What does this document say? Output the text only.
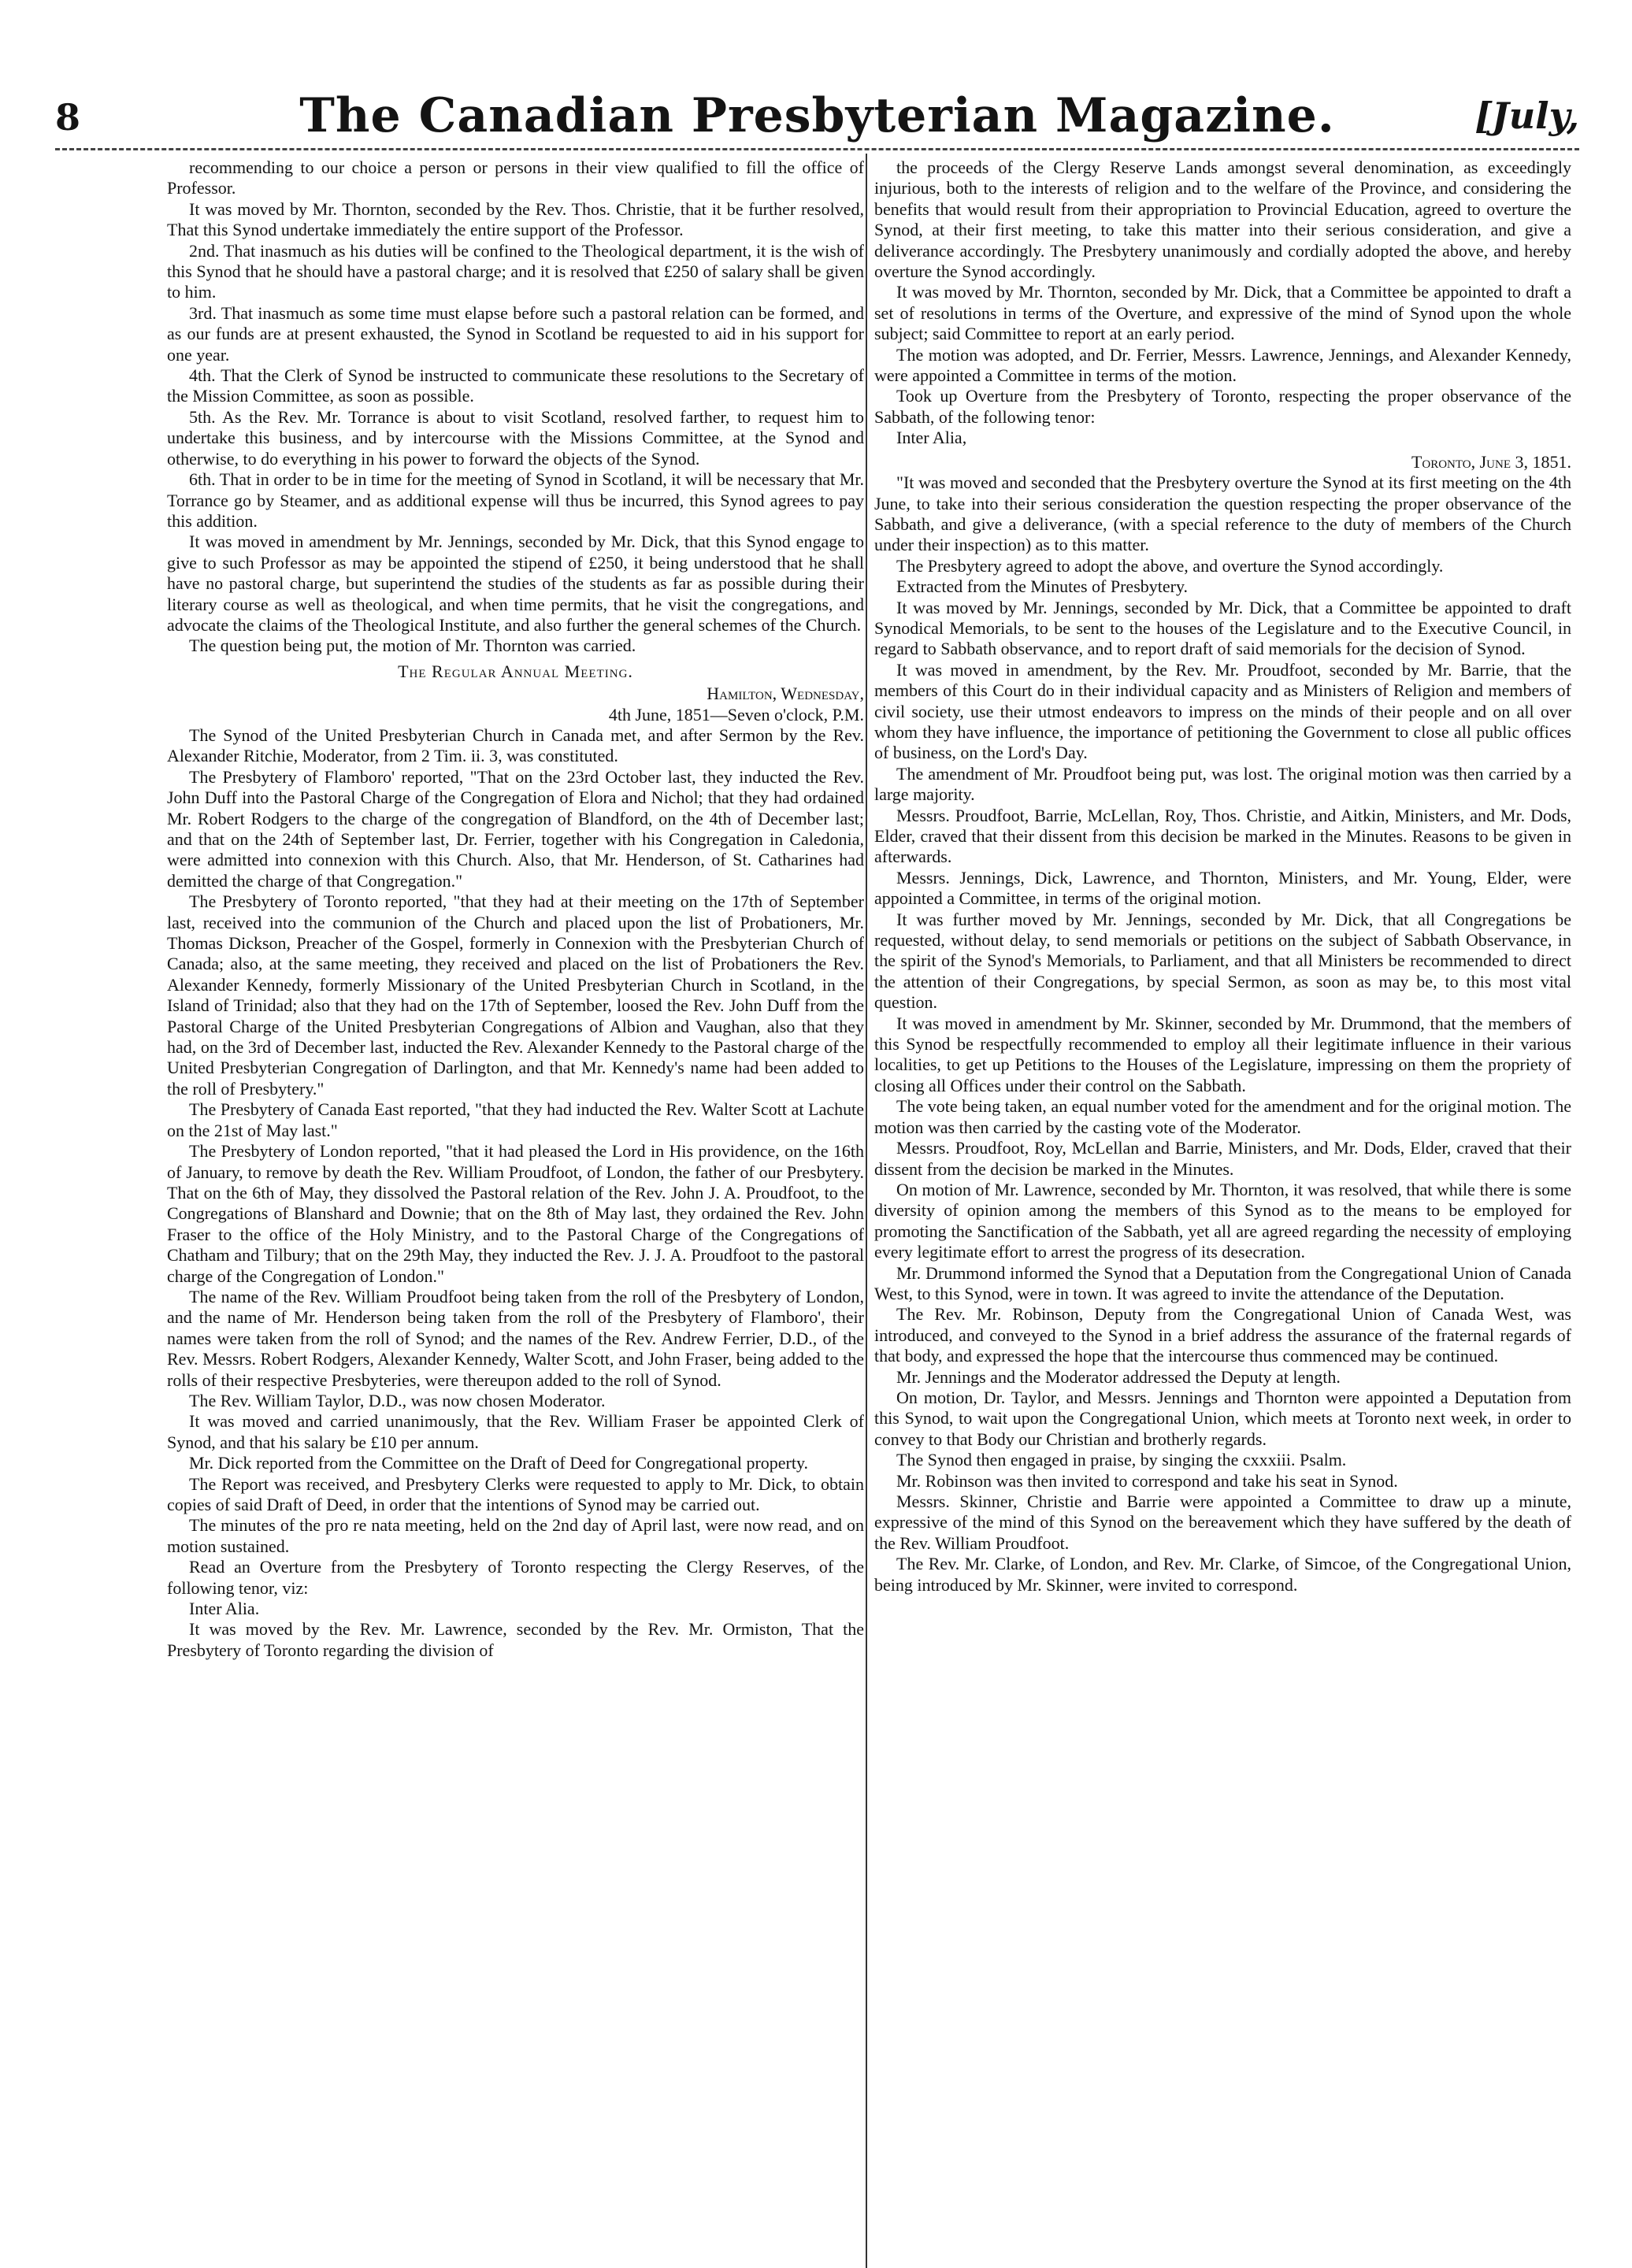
8	The Canadian Presbyterian Magazine.	[July,

recommending to our choice a person or persons in their view qualified to fill the office of Professor.

It was moved by Mr. Thornton, seconded by the Rev. Thos. Christie, that it be further resolved, That this Synod undertake immediately the entire support of the Professor.

2nd. That inasmuch as his duties will be confined to the Theological department, it is the wish of this Synod that he should have a pastoral charge; and it is resolved that £250 of salary shall be given to him.

3rd. That inasmuch as some time must elapse before such a pastoral relation can be formed, and as our funds are at present exhausted, the Synod in Scotland be requested to aid in his support for one year.

4th. That the Clerk of Synod be instructed to communicate these resolutions to the Secretary of the Mission Committee, as soon as possible.

5th. As the Rev. Mr. Torrance is about to visit Scotland, resolved farther, to request him to undertake this business, and by intercourse with the Missions Committee, at the Synod and otherwise, to do everything in his power to forward the objects of the Synod.

6th. That in order to be in time for the meeting of Synod in Scotland, it will be necessary that Mr. Torrance go by Steamer, and as additional expense will thus be incurred, this Synod agrees to pay this addition.

It was moved in amendment by Mr. Jennings, seconded by Mr. Dick, that this Synod engage to give to such Professor as may be appointed the stipend of £250, it being understood that he shall have no pastoral charge, but superintend the studies of the students as far as possible during their literary course as well as theological, and when time permits, that he visit the congregations, and advocate the claims of the Theological Institute, and also further the general schemes of the Church.

The question being put, the motion of Mr. Thornton was carried.

The Regular Annual Meeting.

Hamilton, Wednesday,

4th June, 1851—Seven o'clock, P.M.

The Synod of the United Presbyterian Church in Canada met, and after Sermon by the Rev. Alexander Ritchie, Moderator, from 2 Tim. ii. 3, was constituted.

The Presbytery of Flamboro' reported, "That on the 23rd October last, they inducted the Rev. John Duff into the Pastoral Charge of the Congregation of Elora and Nichol; that they had ordained Mr. Robert Rodgers to the charge of the congregation of Blandford, on the 4th of December last; and that on the 24th of September last, Dr. Ferrier, together with his Congregation in Caledonia, were admitted into connexion with this Church. Also, that Mr. Henderson, of St. Catharines had demitted the charge of that Congregation."

The Presbytery of Toronto reported, "that they had at their meeting on the 17th of September last, received into the communion of the Church and placed upon the list of Probationers, Mr. Thomas Dickson, Preacher of the Gospel, formerly in Connexion with the Presbyterian Church of Canada; also, at the same meeting, they received and placed on the list of Probationers the Rev. Alexander Kennedy, formerly Missionary of the United Presbyterian Church in Scotland, in the Island of Trinidad; also that they had on the 17th of September, loosed the Rev. John Duff from the Pastoral Charge of the United Presbyterian Congregations of Albion and Vaughan, also that they had, on the 3rd of December last, inducted the Rev. Alexander Kennedy to the Pastoral charge of the United Presbyterian Congregation of Darlington, and that Mr. Kennedy's name had been added to the roll of Presbytery."

The Presbytery of Canada East reported, "that they had inducted the Rev. Walter Scott at Lachute on the 21st of May last."

The Presbytery of London reported, "that it had pleased the Lord in His providence, on the 16th of January, to remove by death the Rev. William Proudfoot, of London, the father of our Presbytery. That on the 6th of May, they dissolved the Pastoral relation of the Rev. John J. A. Proudfoot, to the Congregations of Blanshard and Downie; that on the 8th of May last, they ordained the Rev. John Fraser to the office of the Holy Ministry, and to the Pastoral Charge of the Congregations of Chatham and Tilbury; that on the 29th May, they inducted the Rev. J. J. A. Proudfoot to the pastoral charge of the Congregation of London."

The name of the Rev. William Proudfoot being taken from the roll of the Presbytery of London, and the name of Mr. Henderson being taken from the roll of the Presbytery of Flamboro', their names were taken from the roll of Synod; and the names of the Rev. Andrew Ferrier, D.D., of the Rev. Messrs. Robert Rodgers, Alexander Kennedy, Walter Scott, and John Fraser, being added to the rolls of their respective Presbyteries, were thereupon added to the roll of Synod.

The Rev. William Taylor, D.D., was now chosen Moderator.

It was moved and carried unanimously, that the Rev. William Fraser be appointed Clerk of Synod, and that his salary be £10 per annum.

Mr. Dick reported from the Committee on the Draft of Deed for Congregational property.

The Report was received, and Presbytery Clerks were requested to apply to Mr. Dick, to obtain copies of said Draft of Deed, in order that the intentions of Synod may be carried out.

The minutes of the pro re nata meeting, held on the 2nd day of April last, were now read, and on motion sustained.

Read an Overture from the Presbytery of Toronto respecting the Clergy Reserves, of the following tenor, viz:

Inter Alia.

It was moved by the Rev. Mr. Lawrence, seconded by the Rev. Mr. Ormiston, That the Presbytery of Toronto regarding the division of

the proceeds of the Clergy Reserve Lands amongst several denomination, as exceedingly injurious, both to the interests of religion and to the welfare of the Province, and considering the benefits that would result from their appropriation to Provincial Education, agreed to overture the Synod, at their first meeting, to take this matter into their serious consideration, and give a deliverance accordingly. The Presbytery unanimously and cordially adopted the above, and hereby overture the Synod accordingly.

It was moved by Mr. Thornton, seconded by Mr. Dick, that a Committee be appointed to draft a set of resolutions in terms of the Overture, and expressive of the mind of Synod upon the whole subject; said Committee to report at an early period.

The motion was adopted, and Dr. Ferrier, Messrs. Lawrence, Jennings, and Alexander Kennedy, were appointed a Committee in terms of the motion.

Took up Overture from the Presbytery of Toronto, respecting the proper observance of the Sabbath, of the following tenor:

Inter Alia,

Toronto, June 3, 1851.

"It was moved and seconded that the Presbytery overture the Synod at its first meeting on the 4th June, to take into their serious consideration the question respecting the proper observance of the Sabbath, and give a deliverance, (with a special reference to the duty of members of the Church under their inspection) as to this matter.

The Presbytery agreed to adopt the above, and overture the Synod accordingly.

Extracted from the Minutes of Presbytery.

It was moved by Mr. Jennings, seconded by Mr. Dick, that a Committee be appointed to draft Synodical Memorials, to be sent to the houses of the Legislature and to the Executive Council, in regard to Sabbath observance, and to report draft of said memorials for the decision of Synod.

It was moved in amendment, by the Rev. Mr. Proudfoot, seconded by Mr. Barrie, that the members of this Court do in their individual capacity and as Ministers of Religion and members of civil society, use their utmost endeavors to impress on the minds of their people and on all over whom they have influence, the importance of petitioning the Government to close all public offices of business, on the Lord's Day.

The amendment of Mr. Proudfoot being put, was lost. The original motion was then carried by a large majority.

Messrs. Proudfoot, Barrie, McLellan, Roy, Thos. Christie, and Aitkin, Ministers, and Mr. Dods, Elder, craved that their dissent from this decision be marked in the Minutes. Reasons to be given in afterwards.

Messrs. Jennings, Dick, Lawrence, and Thornton, Ministers, and Mr. Young, Elder, were appointed a Committee, in terms of the original motion.

It was further moved by Mr. Jennings, seconded by Mr. Dick, that all Congregations be requested, without delay, to send memorials or petitions on the subject of Sabbath Observance, in the spirit of the Synod's Memorials, to Parliament, and that all Ministers be recommended to direct the attention of their Congregations, by special Sermon, as soon as may be, to this most vital question.

It was moved in amendment by Mr. Skinner, seconded by Mr. Drummond, that the members of this Synod be respectfully recommended to employ all their legitimate influence in their various localities, to get up Petitions to the Houses of the Legislature, impressing on them the propriety of closing all Offices under their control on the Sabbath.

The vote being taken, an equal number voted for the amendment and for the original motion. The motion was then carried by the casting vote of the Moderator.

Messrs. Proudfoot, Roy, McLellan and Barrie, Ministers, and Mr. Dods, Elder, craved that their dissent from the decision be marked in the Minutes.

On motion of Mr. Lawrence, seconded by Mr. Thornton, it was resolved, that while there is some diversity of opinion among the members of this Synod as to the means to be employed for promoting the Sanctification of the Sabbath, yet all are agreed regarding the necessity of employing every legitimate effort to arrest the progress of its desecration.

Mr. Drummond informed the Synod that a Deputation from the Congregational Union of Canada West, to this Synod, were in town. It was agreed to invite the attendance of the Deputation.

The Rev. Mr. Robinson, Deputy from the Congregational Union of Canada West, was introduced, and conveyed to the Synod in a brief address the assurance of the fraternal regards of that body, and expressed the hope that the intercourse thus commenced may be continued.

Mr. Jennings and the Moderator addressed the Deputy at length.

On motion, Dr. Taylor, and Messrs. Jennings and Thornton were appointed a Deputation from this Synod, to wait upon the Congregational Union, which meets at Toronto next week, in order to convey to that Body our Christian and brotherly regards.

The Synod then engaged in praise, by singing the cxxxiii. Psalm.

Mr. Robinson was then invited to correspond and take his seat in Synod.

Messrs. Skinner, Christie and Barrie were appointed a Committee to draw up a minute, expressive of the mind of this Synod on the bereavement which they have suffered by the death of the Rev. William Proudfoot.

The Rev. Mr. Clarke, of London, and Rev. Mr. Clarke, of Simcoe, of the Congregational Union, being introduced by Mr. Skinner, were invited to correspond.
